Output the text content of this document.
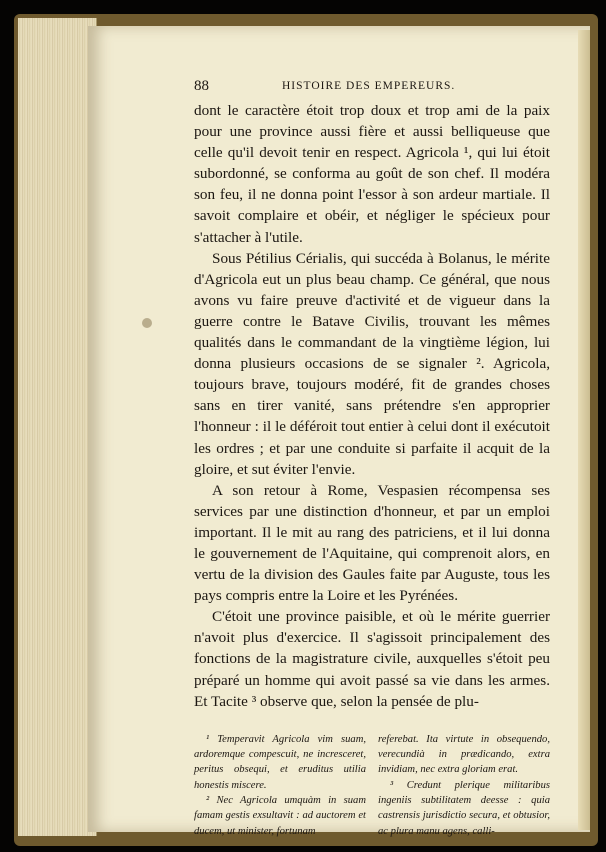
88	HISTOIRE DES EMPEREURS.

dont le caractère étoit trop doux et trop ami de la paix pour une province aussi fière et aussi belliqueuse que celle qu'il devoit tenir en respect. Agricola ¹, qui lui étoit subordonné, se conforma au goût de son chef. Il modéra son feu, il ne donna point l'essor à son ardeur martiale. Il savoit complaire et obéir, et négliger le spécieux pour s'attacher à l'utile.

Sous Pétilius Cérialis, qui succéda à Bolanus, le mérite d'Agricola eut un plus beau champ. Ce général, que nous avons vu faire preuve d'activité et de vigueur dans la guerre contre le Batave Civilis, trouvant les mêmes qualités dans le commandant de la vingtième légion, lui donna plusieurs occasions de se signaler ². Agricola, toujours brave, toujours modéré, fit de grandes choses sans en tirer vanité, sans prétendre s'en approprier l'honneur : il le déféroit tout entier à celui dont il exécutoit les ordres ; et par une conduite si parfaite il acquit de la gloire, et sut éviter l'envie.

A son retour à Rome, Vespasien récompensa ses services par une distinction d'honneur, et par un emploi important. Il le mit au rang des patriciens, et il lui donna le gouvernement de l'Aquitaine, qui comprenoit alors, en vertu de la division des Gaules faite par Auguste, tous les pays compris entre la Loire et les Pyrénées.

C'étoit une province paisible, et où le mérite guerrier n'avoit plus d'exercice. Il s'agissoit principalement des fonctions de la magistrature civile, auxquelles s'étoit peu préparé un homme qui avoit passé sa vie dans les armes. Et Tacite ³ observe que, selon la pensée de plu-

¹ Temperavit Agricola vim suam, ardoremque compescuit, ne incresceret, peritus obsequi, et eruditus utilia honestis miscere.

² Nec Agricola umquàm in suam famam gestis exsultavit : ad auctorem et ducem, ut minister, fortunam

referebat. Ita virtute in obsequendo, verecundià in prædicando, extra invidiam, nec extra gloriam erat.

³ Credunt plerique militaribus ingeniis subtilitatem deesse : quia castrensis jurisdictio secura, et obtusior, ac plura manu agens, calli-
